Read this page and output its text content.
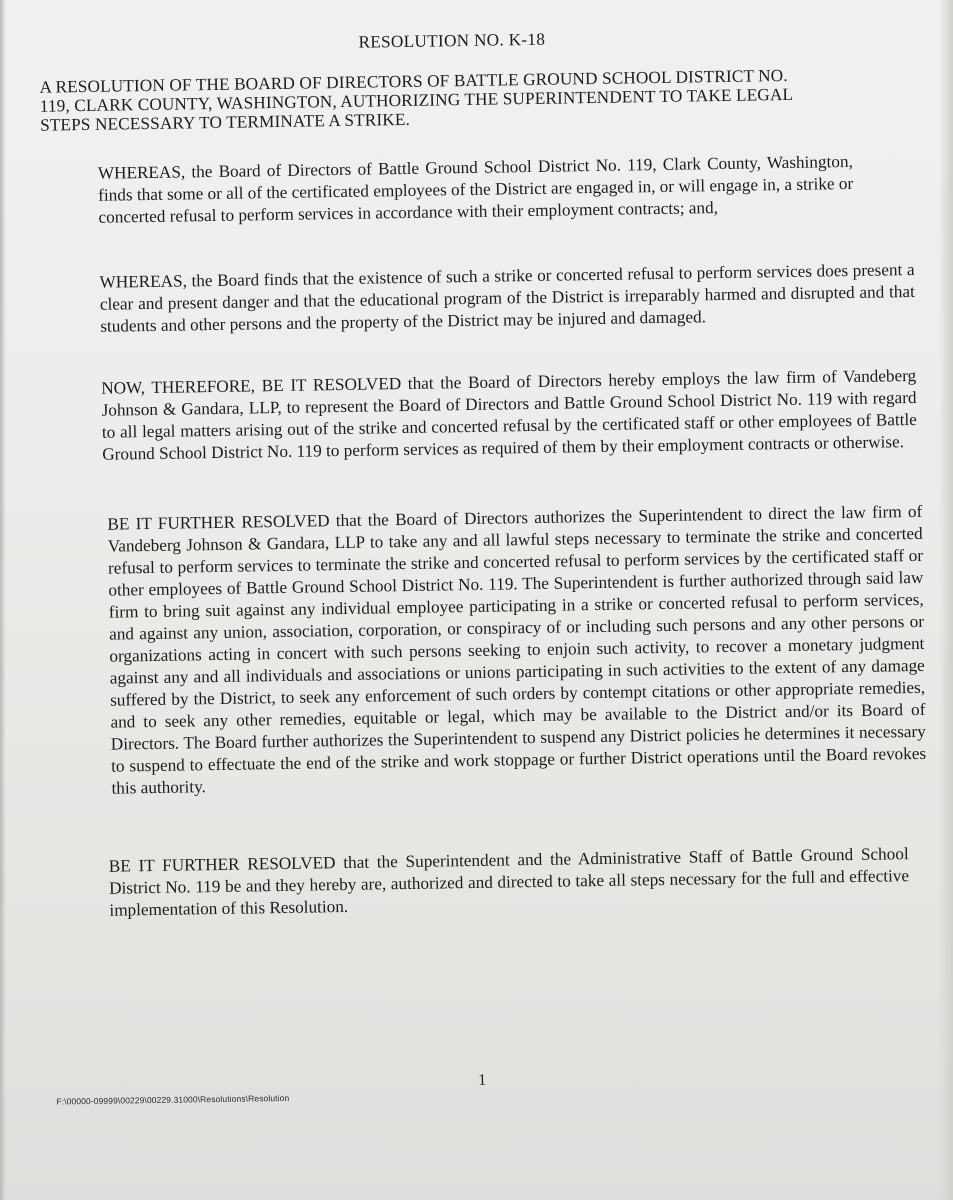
RESOLUTION NO. K-18
A RESOLUTION OF THE BOARD OF DIRECTORS OF BATTLE GROUND SCHOOL DISTRICT NO. 119, CLARK COUNTY, WASHINGTON, AUTHORIZING THE SUPERINTENDENT TO TAKE LEGAL STEPS NECESSARY TO TERMINATE A STRIKE.
WHEREAS, the Board of Directors of Battle Ground School District No. 119, Clark County, Washington, finds that some or all of the certificated employees of the District are engaged in, or will engage in, a strike or concerted refusal to perform services in accordance with their employment contracts; and,
WHEREAS, the Board finds that the existence of such a strike or concerted refusal to perform services does present a clear and present danger and that the educational program of the District is irreparably harmed and disrupted and that students and other persons and the property of the District may be injured and damaged.
NOW, THEREFORE, BE IT RESOLVED that the Board of Directors hereby employs the law firm of Vandeberg Johnson & Gandara, LLP, to represent the Board of Directors and Battle Ground School District No. 119 with regard to all legal matters arising out of the strike and concerted refusal by the certificated staff or other employees of Battle Ground School District No. 119 to perform services as required of them by their employment contracts or otherwise.
BE IT FURTHER RESOLVED that the Board of Directors authorizes the Superintendent to direct the law firm of Vandeberg Johnson & Gandara, LLP to take any and all lawful steps necessary to terminate the strike and concerted refusal to perform services to terminate the strike and concerted refusal to perform services by the certificated staff or other employees of Battle Ground School District No. 119. The Superintendent is further authorized through said law firm to bring suit against any individual employee participating in a strike or concerted refusal to perform services, and against any union, association, corporation, or conspiracy of or including such persons and any other persons or organizations acting in concert with such persons seeking to enjoin such activity, to recover a monetary judgment against any and all individuals and associations or unions participating in such activities to the extent of any damage suffered by the District, to seek any enforcement of such orders by contempt citations or other appropriate remedies, and to seek any other remedies, equitable or legal, which may be available to the District and/or its Board of Directors. The Board further authorizes the Superintendent to suspend any District policies he determines it necessary to suspend to effectuate the end of the strike and work stoppage or further District operations until the Board revokes this authority.
BE IT FURTHER RESOLVED that the Superintendent and the Administrative Staff of Battle Ground School District No. 119 be and they hereby are, authorized and directed to take all steps necessary for the full and effective implementation of this Resolution.
1
F:\00000-09999\00229\00229.31000\Resolutions\Resolution
